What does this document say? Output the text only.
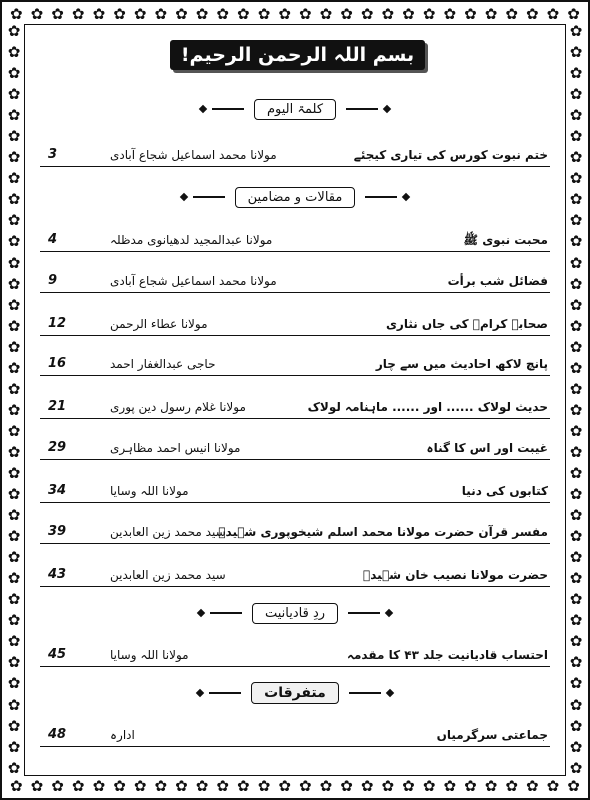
✿ ✿ ✿ ✿ ✿ ✿ ✿ ✿ ✿ ✿ ✿ ✿ ✿ ✿ ✿ ✿ ✿ ✿ ✿ ✿ ✿ ✿ ✿ ✿ ✿ ✿ ✿ ✿
✿ ✿ ✿ ✿ ✿ ✿ ✿ ✿ ✿ ✿ ✿ ✿ ✿ ✿ ✿ ✿ ✿ ✿ ✿ ✿ ✿ ✿ ✿ ✿ ✿ ✿ ✿ ✿
✿
✿
✿
✿
✿
✿
✿
✿
✿
✿
✿
✿
✿
✿
✿
✿
✿
✿
✿
✿
✿
✿
✿
✿
✿
✿
✿
✿
✿
✿
✿
✿
✿
✿
✿
✿
✿
✿
✿
✿
✿
✿
✿
✿
✿
✿
✿
✿
✿
✿
✿
✿
✿
✿
✿
✿
✿
✿
✿
✿
✿
✿
✿
✿
✿
✿
✿
✿
✿
✿
✿
✿
بسم اللہ الرحمن الرحیم!
کلمۃ الیوم
ختم نبوت کورس کی تیاری کیجئے
مولانا محمد اسماعیل شجاع آبادی
3
مقالات و مضامین
محبت نبوی ﷺ
مولانا عبدالمجید لدھیانوی مدظلہ
4
فضائل شب برأت
مولانا محمد اسماعیل شجاع آبادی
9
صحابہ کرامؓ کی جاں نثاری
مولانا عطاء الرحمن
12
پانچ لاکھ احادیث میں سے چار
حاجی عبدالغفار احمد
16
حدیث لولاک ...... اور ...... ماہنامہ لولاک
مولانا غلام رسول دین پوری
21
غیبت اور اس کا گناہ
مولانا انیس احمد مظاہری
29
کتابوں کی دنیا
مولانا اللہ وسایا
34
مفسر قرآن حضرت مولانا محمد اسلم شیخوپوری شہیدؒ
سید محمد زین العابدین
39
حضرت مولانا نصیب خان شہیدؒ
سید محمد زین العابدین
43
ردِ قادیانیت
احتساب قادیانیت جلد ۴۳ کا مقدمہ
مولانا اللہ وسایا
45
متفرقات
جماعتی سرگرمیاں
ادارہ
48
